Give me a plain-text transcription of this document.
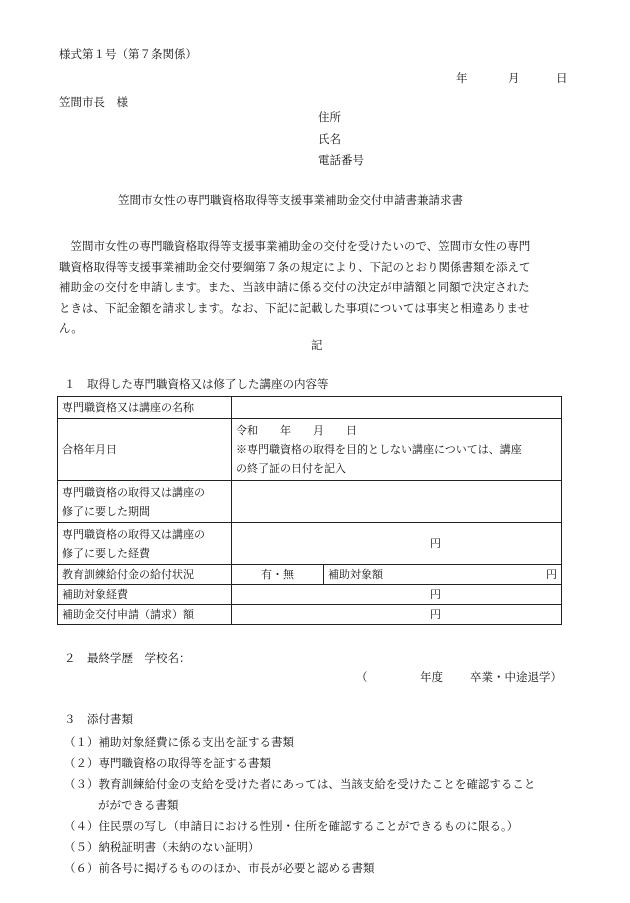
様式第１号（第７条関係）
年	月	日
笠間市長　様
住所
氏名
電話番号
笠間市女性の専門職資格取得等支援事業補助金交付申請書兼請求書
　笠間市女性の専門職資格取得等支援事業補助金の交付を受けたいので、笠間市女性の専門
職資格取得等支援事業補助金交付要綱第７条の規定により、下記のとおり関係書類を添えて
補助金の交付を申請します。また、当該申請に係る交付の決定が申請額と同額で決定された
ときは、下記金額を請求します。なお、下記に記載した事項については事実と相違ありませ
ん。
記
１　取得した専門職資格又は修了した講座の内容等
専門職資格又は講座の名称		
合格年月日	令和　　年　　月　　日
※専門職資格の取得を目的としない講座については、講座
の終了証の日付を記入	

専門職資格の取得又は講座の
修了に要した期間		

専門職資格の取得又は講座の
修了に要した経費	円	
教育訓練給付金の給付状況	有・無	補助対象額 円

補助対象経費	円	
補助金交付申請（請求）額	円	
２　最終学歴　学校名：
（	年度 卒業・中途退学）
３　添付書類
（１）補助対象経費に係る支出を証する書類
（２）専門職資格の取得等を証する書類
（３）教育訓練給付金の支給を受けた者にあっては、当該支給を受けたことを確認すること
がができる書類
（４）住民票の写し（申請日における性別・住所を確認することができるものに限る。）
（５）納税証明書（未納のない証明）
（６）前各号に掲げるもののほか、市長が必要と認める書類
